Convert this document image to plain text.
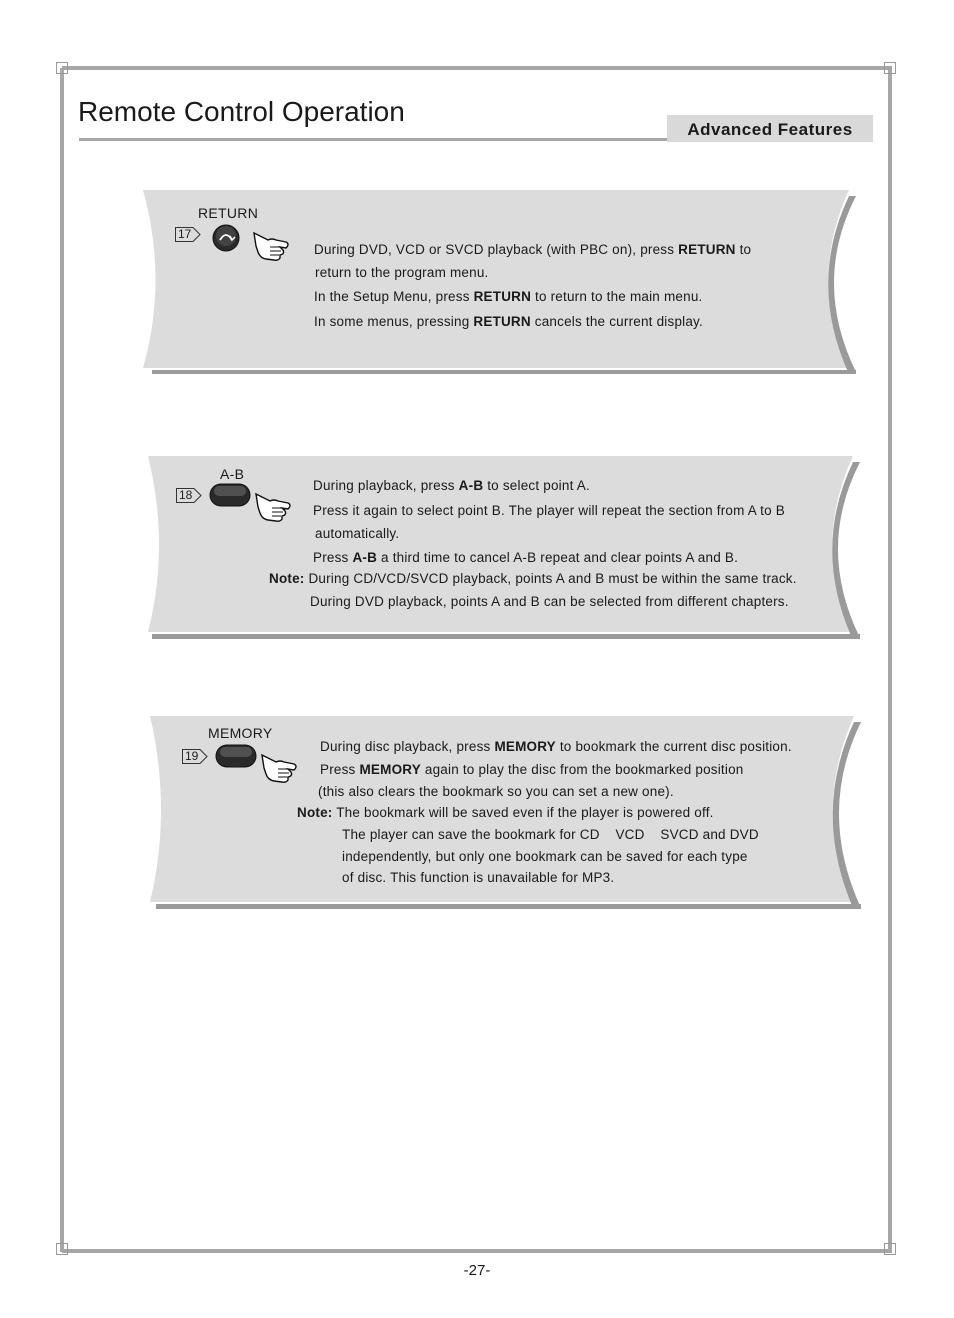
Remote Control Operation
Advanced Features
RETURN
17
During DVD, VCD or SVCD playback (with PBC on), press RETURN to
return to the program menu.
In the Setup Menu, press RETURN to return to the main menu.
In some menus, pressing RETURN cancels the current display.
A-B
18
During playback, press A-B to select point A.
Press it again to select point B. The player will repeat the section from A to B
automatically.
Press A-B a third time to cancel A-B repeat and clear points A and B.
Note: During CD/VCD/SVCD playback, points A and B must be within the same track.
During DVD playback, points A and B can be selected from different chapters.
MEMORY
19
During disc playback, press MEMORY to bookmark the current disc position.
Press MEMORY again to play the disc from the bookmarked position
(this also clears the bookmark so you can set a new one).
Note: The bookmark will be saved even if the player is powered off.
The player can save the bookmark for CD    VCD    SVCD and DVD
independently, but only one bookmark can be saved for each type
of disc. This function is unavailable for MP3.
-27-
